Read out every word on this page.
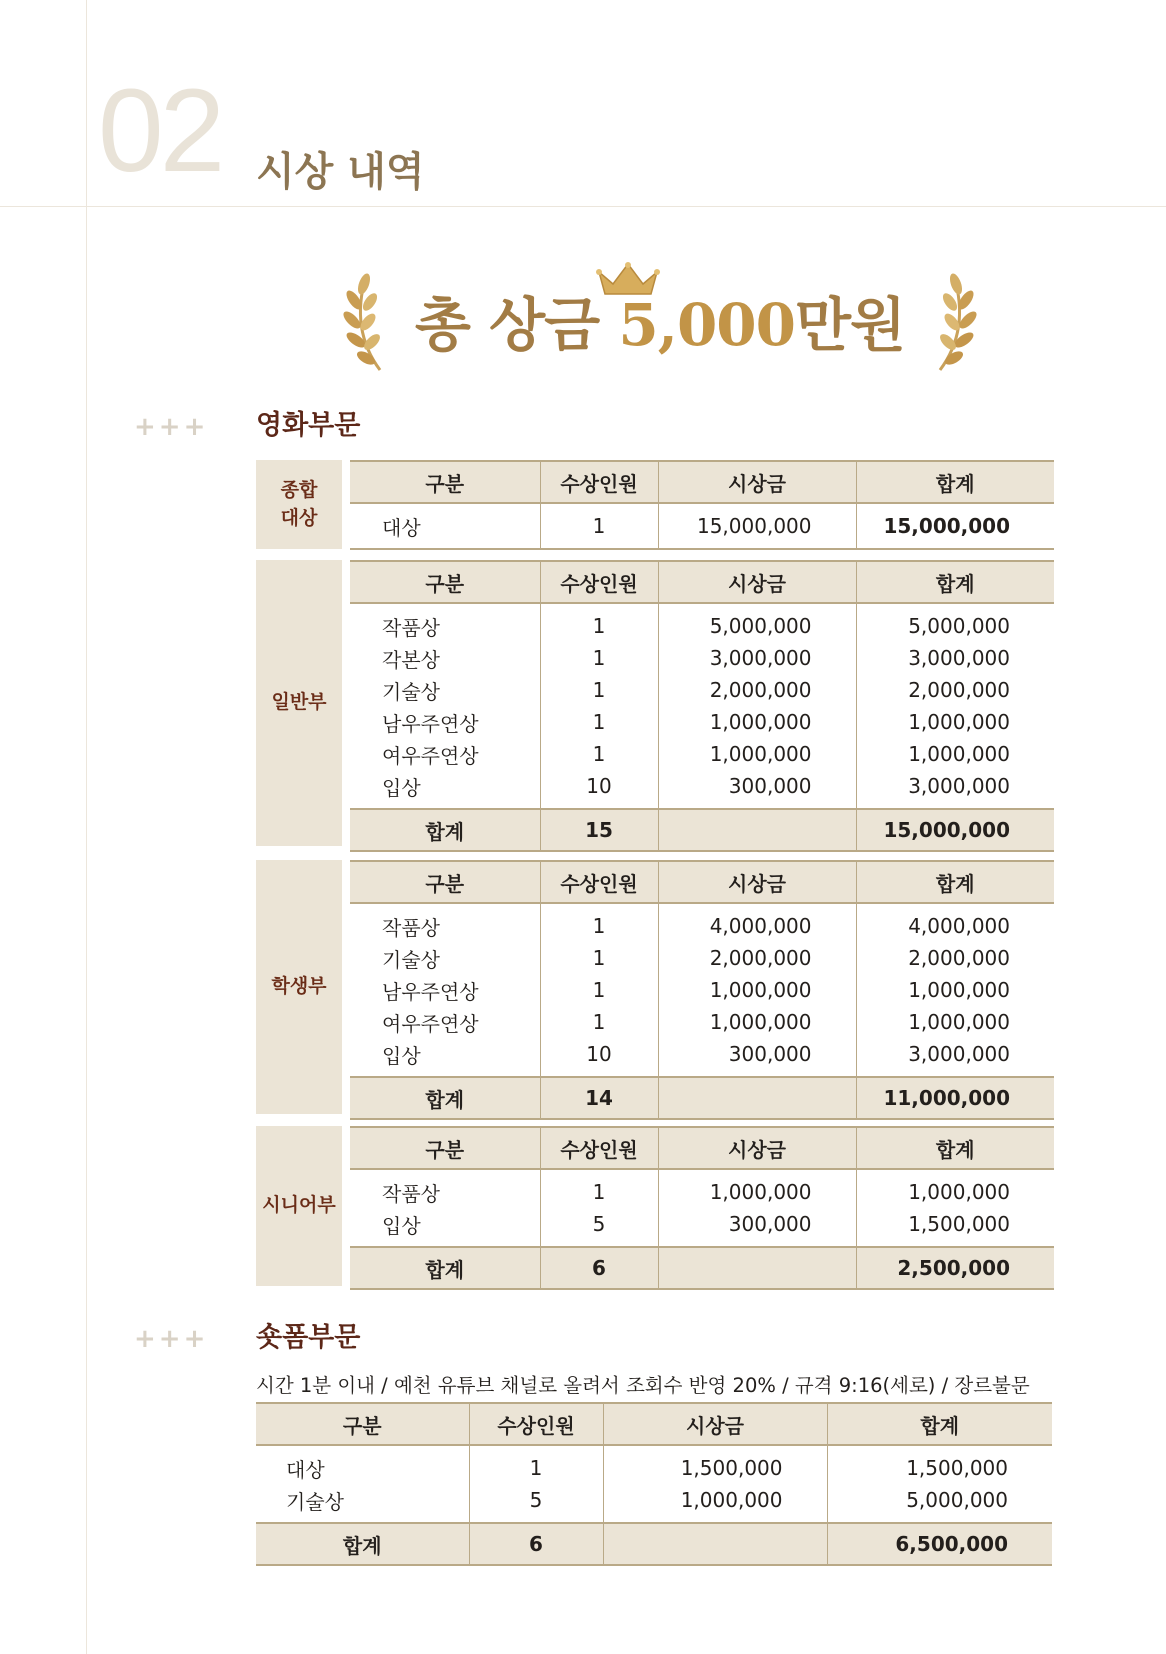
02 시상 내역
총 상금 5,000만원
+++ 영화부문
종합 대상
구분	수상인원	시상금	합계
대상	1	15,000,000	15,000,000
일반부
구분	수상인원	시상금	합계
작품상	1	5,000,000	5,000,000
각본상	1	3,000,000	3,000,000
기술상	1	2,000,000	2,000,000
남우주연상	1	1,000,000	1,000,000
여우주연상	1	1,000,000	1,000,000
입상	10	300,000	3,000,000
합계	15		15,000,000
학생부
구분	수상인원	시상금	합계
작품상	1	4,000,000	4,000,000
기술상	1	2,000,000	2,000,000
남우주연상	1	1,000,000	1,000,000
여우주연상	1	1,000,000	1,000,000
입상	10	300,000	3,000,000
합계	14		11,000,000
시니어부
구분	수상인원	시상금	합계
작품상	1	1,000,000	1,000,000
입상	5	300,000	1,500,000
합계	6		2,500,000
+++ 숏폼부문
시간 1분 이내 / 예천 유튜브 채널로 올려서 조회수 반영 20% / 규격 9:16(세로) / 장르불문
구분	수상인원	시상금	합계
대상	1	1,500,000	1,500,000
기술상	5	1,000,000	5,000,000
합계	6		6,500,000
